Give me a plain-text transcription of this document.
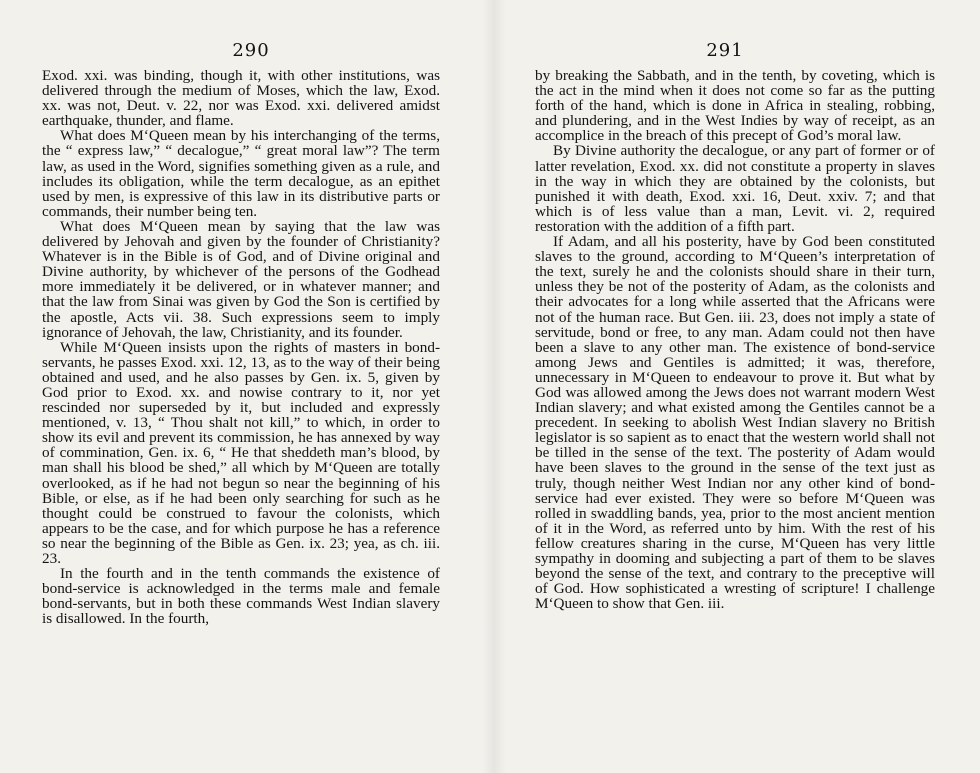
290

Exod. xxi. was binding, though it, with other institutions, was delivered through the medium of Moses, which the law, Exod. xx. was not, Deut. v. 22, nor was Exod. xxi. delivered amidst earthquake, thunder, and flame.

What does M‘Queen mean by his interchanging of the terms, the “ express law,” “ decalogue,” “ great moral law”? The term law, as used in the Word, signifies something given as a rule, and includes its obligation, while the term decalogue, as an epithet used by men, is expressive of this law in its distributive parts or commands, their number being ten.

What does M‘Queen mean by saying that the law was delivered by Jehovah and given by the founder of Christianity? Whatever is in the Bible is of God, and of Divine original and Divine authority, by whichever of the persons of the Godhead more immediately it be delivered, or in whatever manner; and that the law from Sinai was given by God the Son is certified by the apostle, Acts vii. 38. Such expressions seem to imply ignorance of Jehovah, the law, Christianity, and its founder.

While M‘Queen insists upon the rights of masters in bond-servants, he passes Exod. xxi. 12, 13, as to the way of their being obtained and used, and he also passes by Gen. ix. 5, given by God prior to Exod. xx. and nowise contrary to it, nor yet rescinded nor superseded by it, but included and expressly mentioned, v. 13, “ Thou shalt not kill,” to which, in order to show its evil and prevent its commission, he has annexed by way of commination, Gen. ix. 6, “ He that sheddeth man’s blood, by man shall his blood be shed,” all which by M‘Queen are totally overlooked, as if he had not begun so near the beginning of his Bible, or else, as if he had been only searching for such as he thought could be construed to favour the colonists, which appears to be the case, and for which purpose he has a reference so near the beginning of the Bible as Gen. ix. 23; yea, as ch. iii. 23.

In the fourth and in the tenth commands the existence of bond-service is acknowledged in the terms male and female bond-servants, but in both these commands West Indian slavery is disallowed. In the fourth,

291

by breaking the Sabbath, and in the tenth, by coveting, which is the act in the mind when it does not come so far as the putting forth of the hand, which is done in Africa in stealing, robbing, and plundering, and in the West Indies by way of receipt, as an accomplice in the breach of this precept of God’s moral law.

By Divine authority the decalogue, or any part of former or of latter revelation, Exod. xx. did not constitute a property in slaves in the way in which they are obtained by the colonists, but punished it with death, Exod. xxi. 16, Deut. xxiv. 7; and that which is of less value than a man, Levit. vi. 2, required restoration with the addition of a fifth part.

If Adam, and all his posterity, have by God been constituted slaves to the ground, according to M‘Queen’s interpretation of the text, surely he and the colonists should share in their turn, unless they be not of the posterity of Adam, as the colonists and their advocates for a long while asserted that the Africans were not of the human race. But Gen. iii. 23, does not imply a state of servitude, bond or free, to any man. Adam could not then have been a slave to any other man. The existence of bond-service among Jews and Gentiles is admitted; it was, therefore, unnecessary in M‘Queen to endeavour to prove it. But what by God was allowed among the Jews does not warrant modern West Indian slavery; and what existed among the Gentiles cannot be a precedent. In seeking to abolish West Indian slavery no British legislator is so sapient as to enact that the western world shall not be tilled in the sense of the text. The posterity of Adam would have been slaves to the ground in the sense of the text just as truly, though neither West Indian nor any other kind of bond-service had ever existed. They were so before M‘Queen was rolled in swaddling bands, yea, prior to the most ancient mention of it in the Word, as referred unto by him. With the rest of his fellow creatures sharing in the curse, M‘Queen has very little sympathy in dooming and subjecting a part of them to be slaves beyond the sense of the text, and contrary to the preceptive will of God. How sophisticated a wresting of scripture! I challenge M‘Queen to show that Gen. iii.
